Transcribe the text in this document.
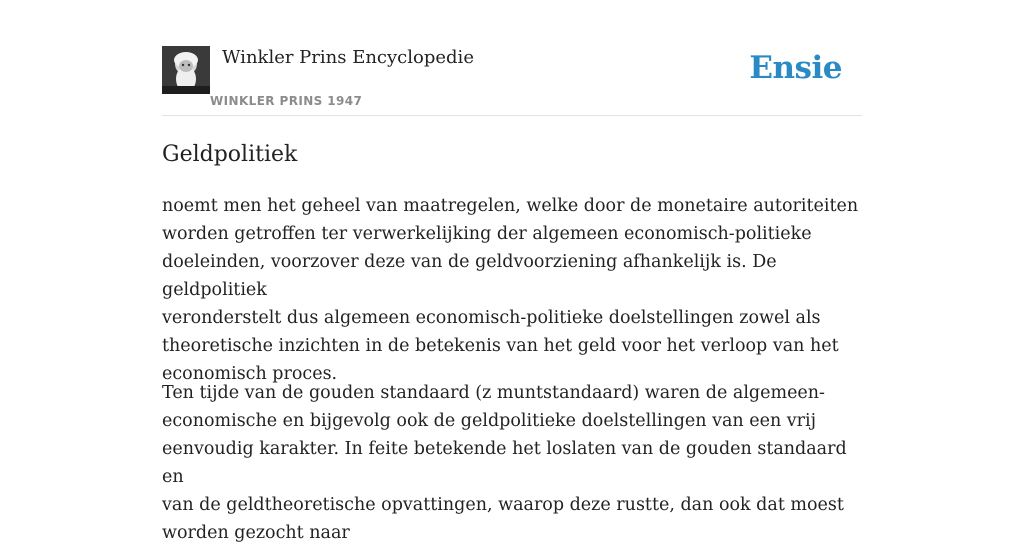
Winkler Prins Encyclopedie
WINKLER PRINS 1947
Ensie
Geldpolitiek

noemt men het geheel van maatregelen, welke door de monetaire autoriteiten
worden getroffen ter verwerkelijking der algemeen economisch-politieke
doeleinden, voorzover deze van de geldvoorziening afhankelijk is. De geldpolitiek
veronderstelt dus algemeen economisch-politieke doelstellingen zowel als
theoretische inzichten in de betekenis van het geld voor het verloop van het
economisch proces.

Ten tijde van de gouden standaard (z muntstandaard) waren de algemeen-
economische en bijgevolg ook de geldpolitieke doelstellingen van een vrij
eenvoudig karakter. In feite betekende het loslaten van de gouden standaard en
van de geldtheoretische opvattingen, waarop deze rustte, dan ook dat moest
worden gezocht naar
